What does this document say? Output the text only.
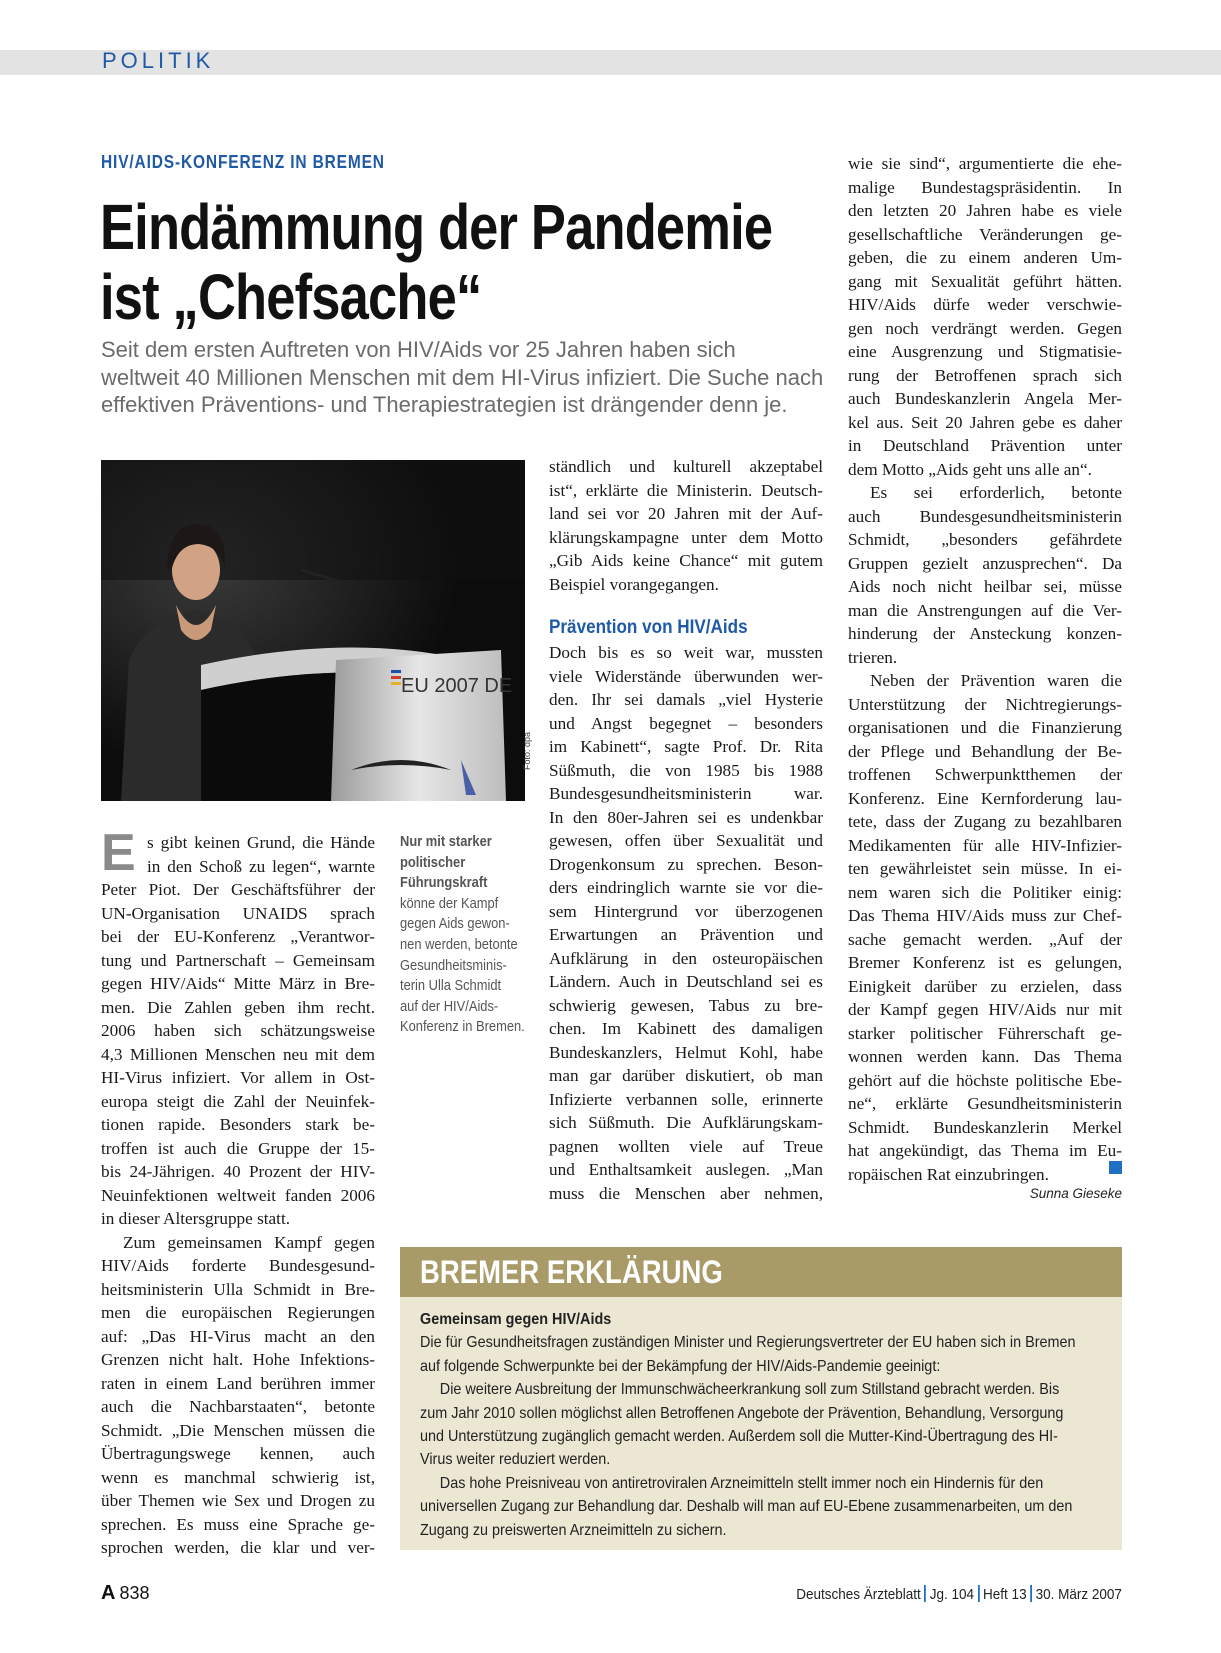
POLITIK
HIV/AIDS-KONFERENZ IN BREMEN
Eindämmung der Pandemie
ist „Chefsache“
Seit dem ersten Auftreten von HIV/Aids vor 25 Jahren haben sich
weltweit 40 Millionen Menschen mit dem HI-Virus infiziert. Die Suche nach
effektiven Präventions- und Therapiestrategien ist drängender denn je.
EU 2007 DE
Foto: dpa
E s gibt keinen Grund, die Hände
in den Schoß zu legen“, warnte
Peter Piot. Der Geschäftsführer der
UN-Organisation UNAIDS sprach
bei der EU-Konferenz „Verantwor-
tung und Partnerschaft – Gemeinsam
gegen HIV/Aids“ Mitte März in Bre-
men. Die Zahlen geben ihm recht.
2006 haben sich schätzungsweise
4,3 Millionen Menschen neu mit dem
HI-Virus infiziert. Vor allem in Ost-
europa steigt die Zahl der Neuinfek-
tionen rapide. Besonders stark be-
troffen ist auch die Gruppe der 15-
bis 24-Jährigen. 40 Prozent der HIV-
Neuinfektionen weltweit fanden 2006
in dieser Altersgruppe statt.
Zum gemeinsamen Kampf gegen
HIV/Aids forderte Bundesgesund-
heitsministerin Ulla Schmidt in Bre-
men die europäischen Regierungen
auf: „Das HI-Virus macht an den
Grenzen nicht halt. Hohe Infektions-
raten in einem Land berühren immer
auch die Nachbarstaaten“, betonte
Schmidt. „Die Menschen müssen die
Übertragungswege kennen, auch
wenn es manchmal schwierig ist,
über Themen wie Sex und Drogen zu
sprechen. Es muss eine Sprache ge-
sprochen werden, die klar und ver-
Nur mit starker
politischer
Führungskraft
könne der Kampf
gegen Aids gewon-
nen werden, betonte
Gesundheitsminis-
terin Ulla Schmidt
auf der HIV/Aids-
Konferenz in Bremen.
ständlich und kulturell akzeptabel
ist“, erklärte die Ministerin. Deutsch-
land sei vor 20 Jahren mit der Auf-
klärungskampagne unter dem Motto
„Gib Aids keine Chance“ mit gutem
Beispiel vorangegangen.
Prävention von HIV/Aids
Doch bis es so weit war, mussten
viele Widerstände überwunden wer-
den. Ihr sei damals „viel Hysterie
und Angst begegnet – besonders
im Kabinett“, sagte Prof. Dr. Rita
Süßmuth, die von 1985 bis 1988
Bundesgesundheitsministerin war.
In den 80er-Jahren sei es undenkbar
gewesen, offen über Sexualität und
Drogenkonsum zu sprechen. Beson-
ders eindringlich warnte sie vor die-
sem Hintergrund vor überzogenen
Erwartungen an Prävention und
Aufklärung in den osteuropäischen
Ländern. Auch in Deutschland sei es
schwierig gewesen, Tabus zu bre-
chen. Im Kabinett des damaligen
Bundeskanzlers, Helmut Kohl, habe
man gar darüber diskutiert, ob man
Infizierte verbannen solle, erinnerte
sich Süßmuth. Die Aufklärungskam-
pagnen wollten viele auf Treue
und Enthaltsamkeit auslegen. „Man
muss die Menschen aber nehmen,
wie sie sind“, argumentierte die ehe-
malige Bundestagspräsidentin. In
den letzten 20 Jahren habe es viele
gesellschaftliche Veränderungen ge-
geben, die zu einem anderen Um-
gang mit Sexualität geführt hätten.
HIV/Aids dürfe weder verschwie-
gen noch verdrängt werden. Gegen
eine Ausgrenzung und Stigmatisie-
rung der Betroffenen sprach sich
auch Bundeskanzlerin Angela Mer-
kel aus. Seit 20 Jahren gebe es daher
in Deutschland Prävention unter
dem Motto „Aids geht uns alle an“.
Es sei erforderlich, betonte
auch Bundesgesundheitsministerin
Schmidt, „besonders gefährdete
Gruppen gezielt anzusprechen“. Da
Aids noch nicht heilbar sei, müsse
man die Anstrengungen auf die Ver-
hinderung der Ansteckung konzen-
trieren.
Neben der Prävention waren die
Unterstützung der Nichtregierungs-
organisationen und die Finanzierung
der Pflege und Behandlung der Be-
troffenen Schwerpunktthemen der
Konferenz. Eine Kernforderung lau-
tete, dass der Zugang zu bezahlbaren
Medikamenten für alle HIV-Infizier-
ten gewährleistet sein müsse. In ei-
nem waren sich die Politiker einig:
Das Thema HIV/Aids muss zur Chef-
sache gemacht werden. „Auf der
Bremer Konferenz ist es gelungen,
Einigkeit darüber zu erzielen, dass
der Kampf gegen HIV/Aids nur mit
starker politischer Führerschaft ge-
wonnen werden kann. Das Thema
gehört auf die höchste politische Ebe-
ne“, erklärte Gesundheitsministerin
Schmidt. Bundeskanzlerin Merkel
hat angekündigt, das Thema im Eu-
ropäischen Rat einzubringen.
Sunna Gieseke
BREMER ERKLÄRUNG
Gemeinsam gegen HIV/Aids
Die für Gesundheitsfragen zuständigen Minister und Regierungsvertreter der EU haben sich in Bremen
auf folgende Schwerpunkte bei der Bekämpfung der HIV/Aids-Pandemie geeinigt:
Die weitere Ausbreitung der Immunschwächeerkrankung soll zum Stillstand gebracht werden. Bis
zum Jahr 2010 sollen möglichst allen Betroffenen Angebote der Prävention, Behandlung, Versorgung
und Unterstützung zugänglich gemacht werden. Außerdem soll die Mutter-Kind-Übertragung des HI-
Virus weiter reduziert werden.
Das hohe Preisniveau von antiretroviralen Arzneimitteln stellt immer noch ein Hindernis für den
universellen Zugang zur Behandlung dar. Deshalb will man auf EU-Ebene zusammenarbeiten, um den
Zugang zu preiswerten Arzneimitteln zu sichern.
A 838	Deutsches Ärzteblatt Jg. 104 Heft 13 30. März 2007
